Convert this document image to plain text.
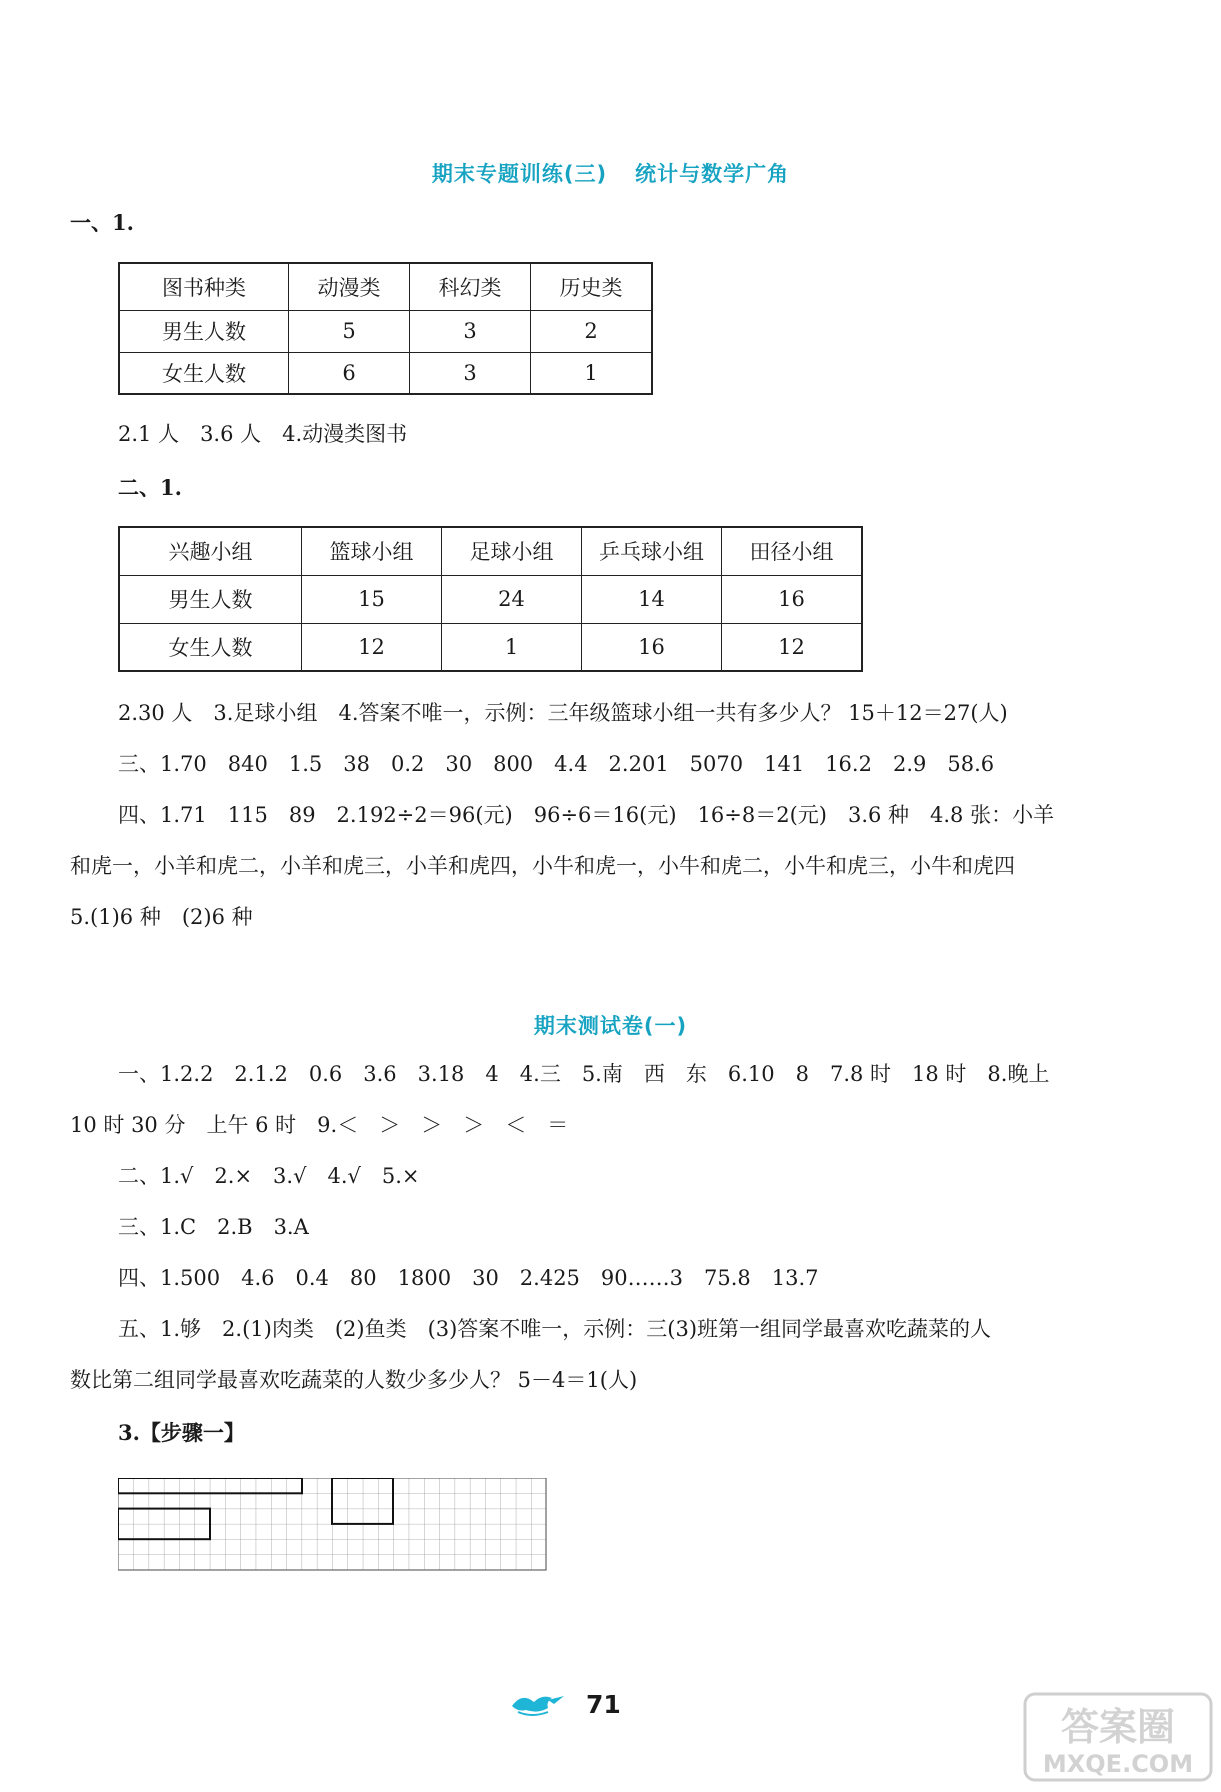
期末专题训练(三) 统计与数学广角
一、1.
图书种类	动漫类	科幻类	历史类
男生人数	5	3	2
女生人数	6	3	1
2.1 人　3.6 人　4.动漫类图书
二、1.
兴趣小组	篮球小组	足球小组	乒乓球小组	田径小组
男生人数	15	24	14	16
女生人数	12	1	16	12
2.30 人　3.足球小组　4.答案不唯一，示例：三年级篮球小组一共有多少人？ 15＋12＝27(人)
三、1.70　840　1.5　38　0.2　30　800　4.4　2.201　5070　141　16.2　2.9　58.6
四、1.71　115　89　2.192÷2＝96(元)　96÷6＝16(元)　16÷8＝2(元)　3.6 种　4.8 张：小羊
和虎一，小羊和虎二，小羊和虎三，小羊和虎四，小牛和虎一，小牛和虎二，小牛和虎三，小牛和虎四
5.(1)6 种　(2)6 种
期末测试卷(一)
一、1.2.2　2.1.2　0.6　3.6　3.18　4　4.三　5.南　西　东　6.10　8　7.8 时　18 时　8.晚上
10 时 30 分　上午 6 时　9.＜　＞　＞　＞　＜　＝
二、1.√　2.×　3.√　4.√　5.×
三、1.C　2.B　3.A
四、1.500　4.6　0.4　80　1800　30　2.425　90……3　75.8　13.7
五、1.够　2.(1)肉类　(2)鱼类　(3)答案不唯一，示例：三(3)班第一组同学最喜欢吃蔬菜的人
数比第二组同学最喜欢吃蔬菜的人数少多少人？ 5－4＝1(人)
3.【步骤一】
71
答案圈
MXQE.COM
